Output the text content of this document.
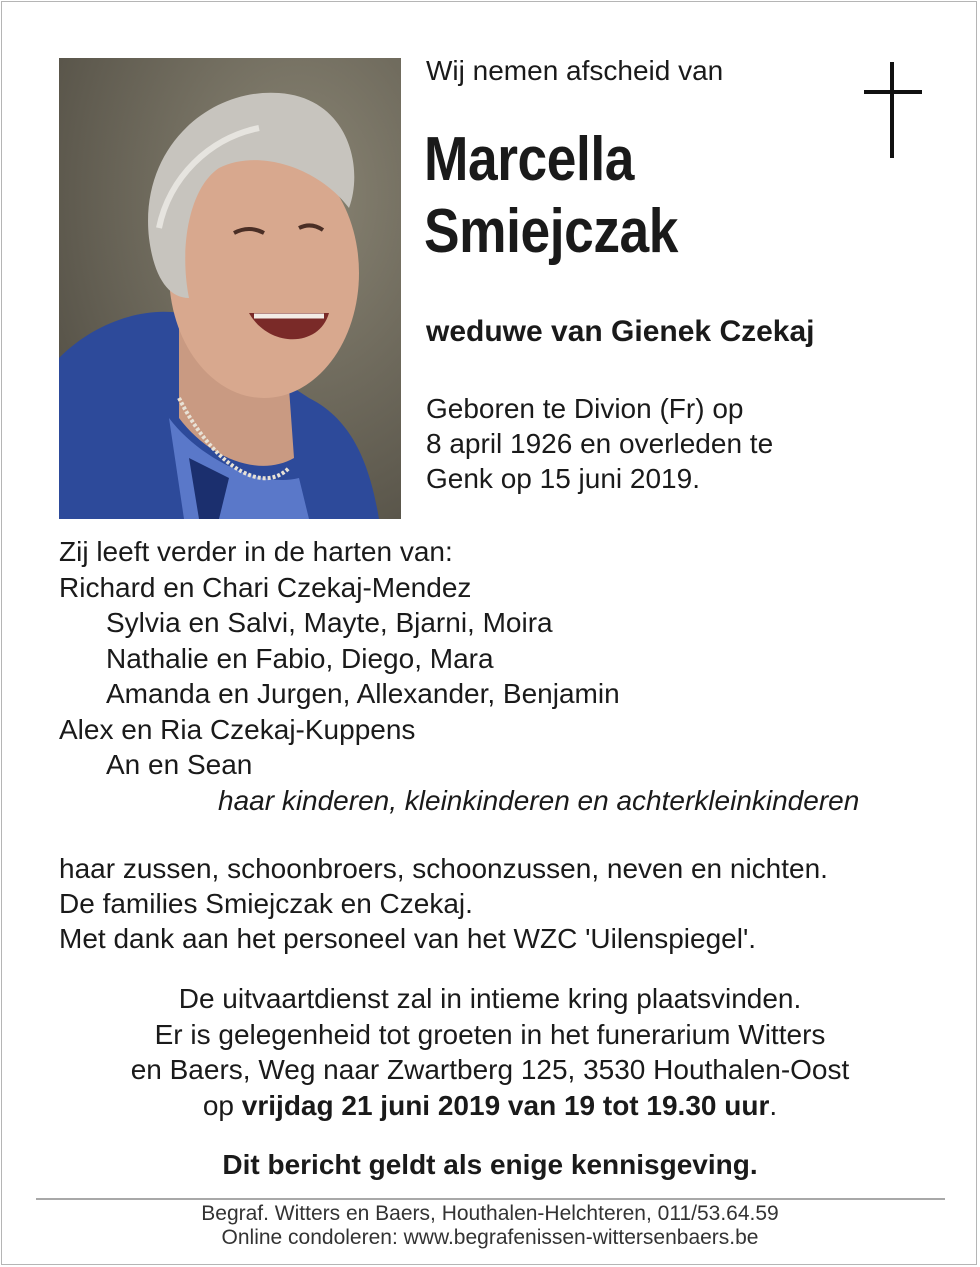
Wij nemen afscheid van
Marcella
Smiejczak
weduwe van Gienek Czekaj
Geboren te Divion (Fr) op
8 april 1926 en overleden te
Genk op 15 juni 2019.
Zij leeft verder in de harten van:
Richard en Chari Czekaj-Mendez
Sylvia en Salvi, Mayte, Bjarni, Moira
Nathalie en Fabio, Diego, Mara
Amanda en Jurgen, Allexander, Benjamin
Alex en Ria Czekaj-Kuppens
An en Sean
haar kinderen, kleinkinderen en achterkleinkinderen
haar zussen, schoonbroers, schoonzussen, neven en nichten.
De families Smiejczak en Czekaj.
Met dank aan het personeel van het WZC 'Uilenspiegel'.
De uitvaartdienst zal in intieme kring plaatsvinden.
Er is gelegenheid tot groeten in het funerarium Witters
en Baers, Weg naar Zwartberg 125, 3530 Houthalen-Oost
op vrijdag 21 juni 2019 van 19 tot 19.30 uur.
Dit bericht geldt als enige kennisgeving.
Begraf. Witters en Baers, Houthalen-Helchteren, 011/53.64.59
Online condoleren: www.begrafenissen-wittersenbaers.be
